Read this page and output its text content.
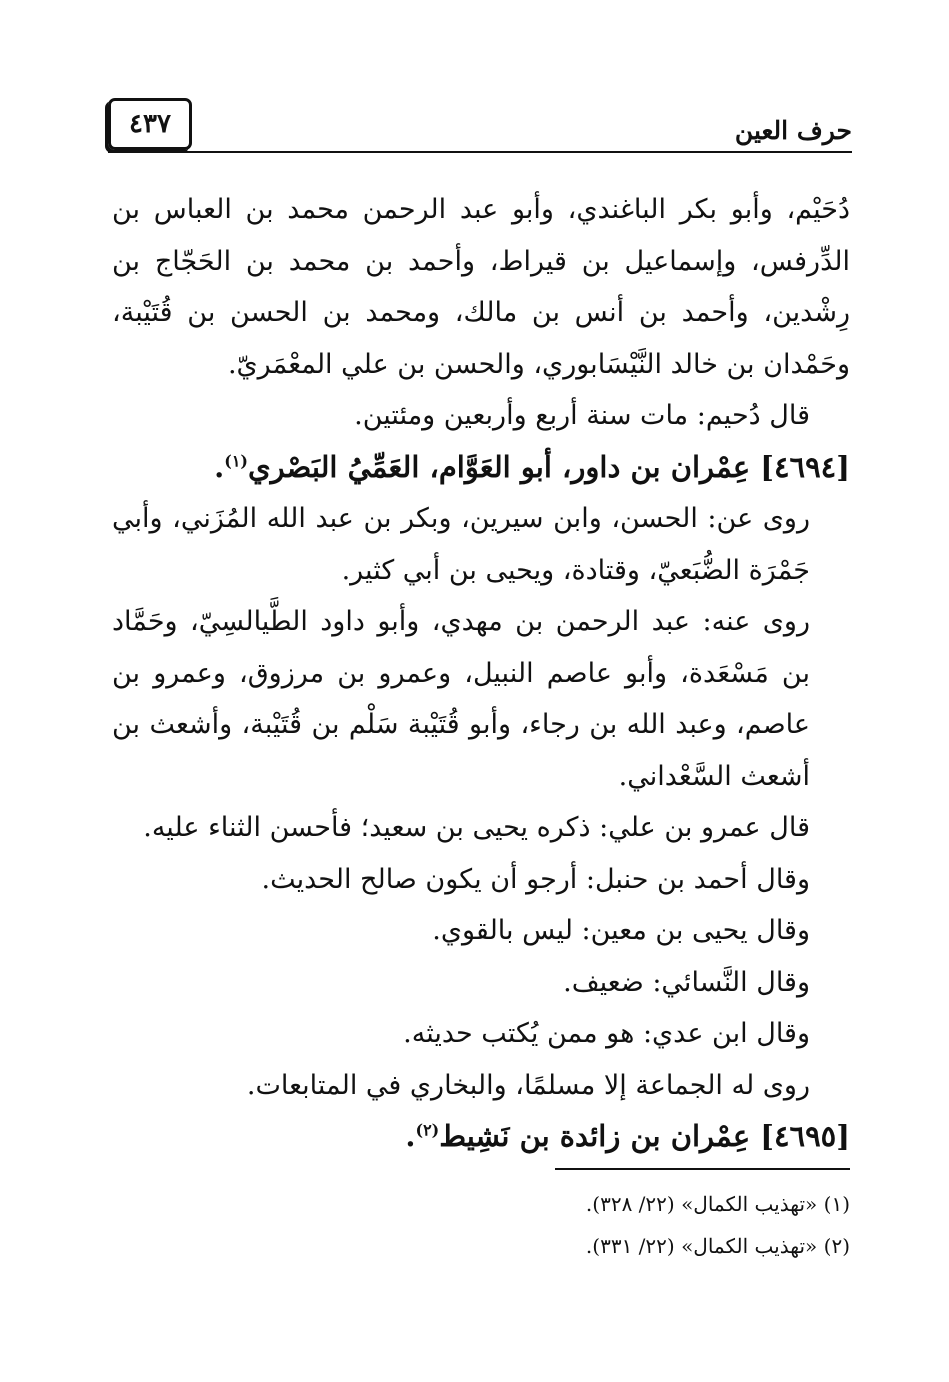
حرف العين
٤٣٧

دُحَيْم، وأبو بكر الباغندي، وأبو عبد الرحمن محمد بن العباس بن الدِّرفس، وإسماعيل بن قيراط، وأحمد بن محمد بن الحَجّاج بن رِشْدين، وأحمد بن أنس بن مالك، ومحمد بن الحسن بن قُتَيْبة، وحَمْدان بن خالد النَّيْسَابوري، والحسن بن علي المعْمَريّ.

قال دُحيم: مات سنة أربع وأربعين ومئتين.

[٤٦٩٤] عِمْران بن داور، أبو العَوَّام، العَمِّيُ البَصْري$^{(١)}$.

روى عن: الحسن، وابن سيرين، وبكر بن عبد الله المُزَني، وأبي جَمْرَة الضُّبَعيّ، وقتادة، ويحيى بن أبي كثير.

روى عنه: عبد الرحمن بن مهدي، وأبو داود الطَّيالسِيّ، وحَمَّاد بن مَسْعَدة، وأبو عاصم النبيل، وعمرو بن مرزوق، وعمرو بن عاصم، وعبد الله بن رجاء، وأبو قُتَيْبة سَلْم بن قُتَيْبة، وأشعث بن أشعث السَّعْداني.

قال عمرو بن علي: ذكره يحيى بن سعيد؛ فأحسن الثناء عليه.

وقال أحمد بن حنبل: أرجو أن يكون صالح الحديث.

وقال يحيى بن معين: ليس بالقوي.

وقال النَّسائي: ضعيف.

وقال ابن عدي: هو ممن يُكتب حديثه.

روى له الجماعة إلا مسلمًا، والبخاري في المتابعات.

[٤٦٩٥] عِمْران بن زائدة بن نَشِيط$^{(٢)}$.

(١) «تهذيب الكمال» (٢٢/ ٣٢٨).

(٢) «تهذيب الكمال» (٢٢/ ٣٣١).
